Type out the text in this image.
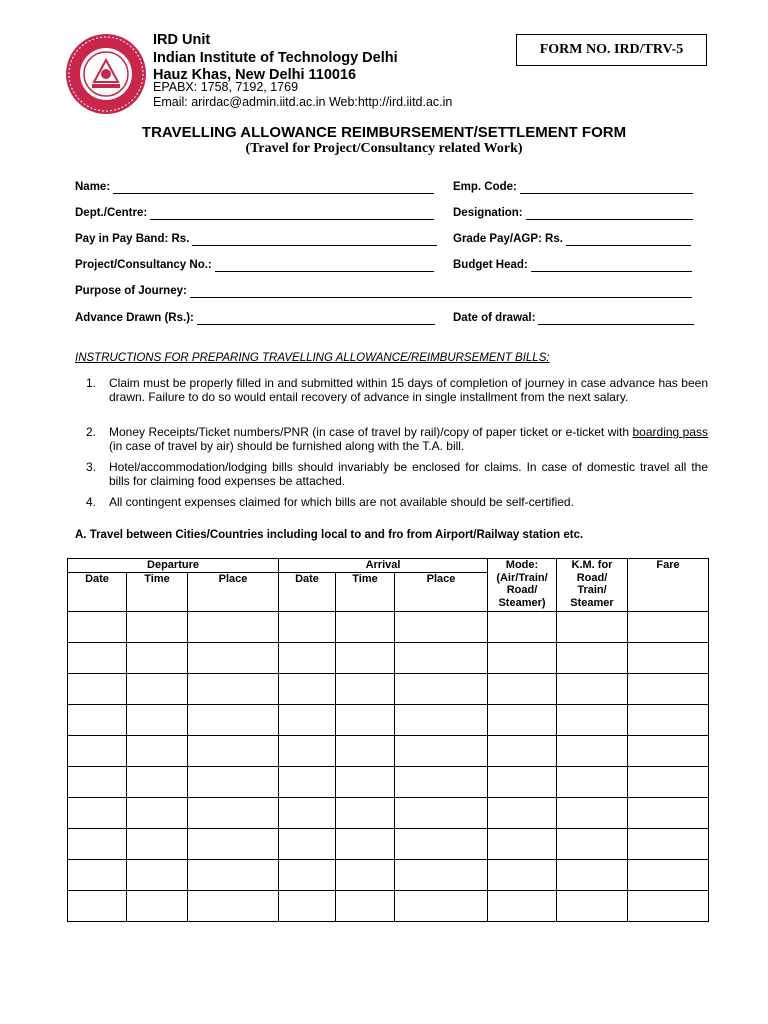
IRD Unit
Indian Institute of Technology Delhi
Hauz Khas, New Delhi 110016
EPABX: 1758, 7192, 1769
Email: arirdac@admin.iitd.ac.in Web:http://ird.iitd.ac.in
FORM NO. IRD/TRV-5
TRAVELLING ALLOWANCE REIMBURSEMENT/SETTLEMENT FORM
(Travel for Project/Consultancy related Work)
Name:	Emp. Code:
Dept./Centre:	Designation:
Pay in Pay Band: Rs.	Grade Pay/AGP: Rs.
Project/Consultancy No.:	Budget Head:
Purpose of Journey:
Advance Drawn (Rs.):	Date of drawal:
INSTRUCTIONS FOR PREPARING TRAVELLING ALLOWANCE/REIMBURSEMENT BILLS:
1. Claim must be properly filled in and submitted within 15 days of completion of journey in case advance has been drawn. Failure to do so would entail recovery of advance in single installment from the next salary.
2. Money Receipts/Ticket numbers/PNR (in case of travel by rail)/copy of paper ticket or e-ticket with boarding pass (in case of travel by air) should be furnished along with the T.A. bill.
3. Hotel/accommodation/lodging bills should invariably be enclosed for claims. In case of domestic travel all the bills for claiming food expenses be attached.
4. All contingent expenses claimed for which bills are not available should be self-certified.
A. Travel between Cities/Countries including local to and fro from Airport/Railway station etc.
Departure			Arrival			Mode: (Air/Train/ Road/ Steamer)	K.M. for Road/ Train/ Steamer	Fare
Date	Time	Place	Date	Time	Place			
